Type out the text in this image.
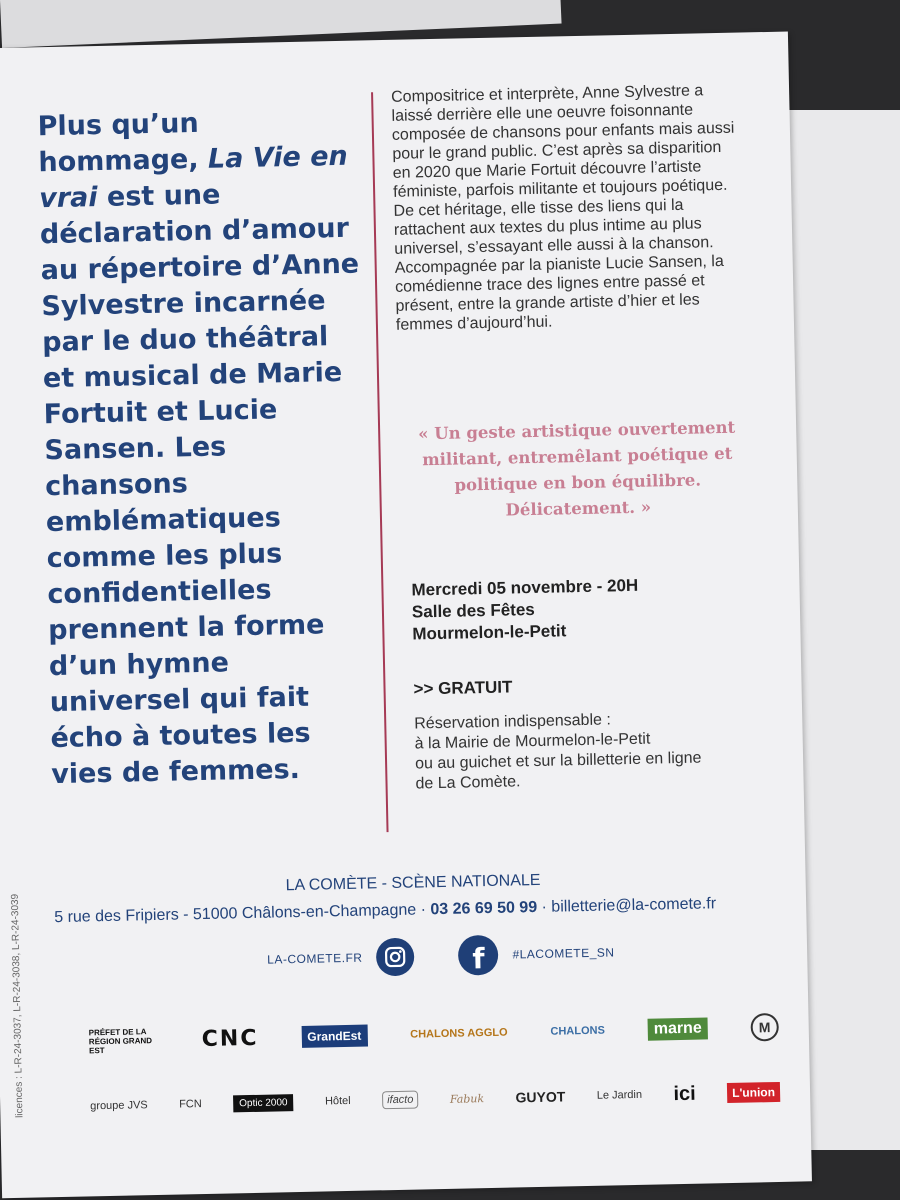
licences : L-R-24-3037, L-R-24-3038, L-R-24-3039
Plus qu’un hommage, La Vie en vrai est une déclaration d’amour au répertoire d’Anne Sylvestre incarnée par le duo théâtral et musical de Marie Fortuit et Lucie Sansen. Les chansons emblématiques comme les plus confidentielles prennent la forme d’un hymne universel qui fait écho à toutes les vies de femmes.
Compositrice et interprète, Anne Sylvestre a laissé derrière elle une oeuvre foisonnante composée de chansons pour enfants mais aussi pour le grand public. C’est après sa disparition en 2020 que Marie Fortuit découvre l’artiste féministe, parfois militante et toujours poétique. De cet héritage, elle tisse des liens qui la rattachent aux textes du plus intime au plus universel, s’essayant elle aussi à la chanson. Accompagnée par la pianiste Lucie Sansen, la comédienne trace des lignes entre passé et présent, entre la grande artiste d’hier et les femmes d’aujourd’hui.
« Un geste artistique ouvertement militant, entremêlant poétique et politique en bon équilibre. Délicatement. »
Mercredi 05 novembre - 20H
Salle des Fêtes
Mourmelon-le-Petit
>> GRATUIT
Réservation indispensable :
à la Mairie de Mourmelon-le-Petit
ou au guichet et sur la billetterie en ligne
de La Comète.
LA COMÈTE - SCÈNE NATIONALE
5 rue des Fripiers - 51000 Châlons-en-Champagne · 03 26 69 50 99 · billetterie@la-comete.fr
LA-COMETE.FR	f	#LACOMETE_SN
PRÉFET DE LA RÉGION GRAND EST	CNC	GrandEst	CHALONS AGGLO	CHALONS	marne	M
groupe JVS	FCN	Optic 2000	Hôtel	ifacto	Fabuk GUYOT	Le Jardin ici	L'union
